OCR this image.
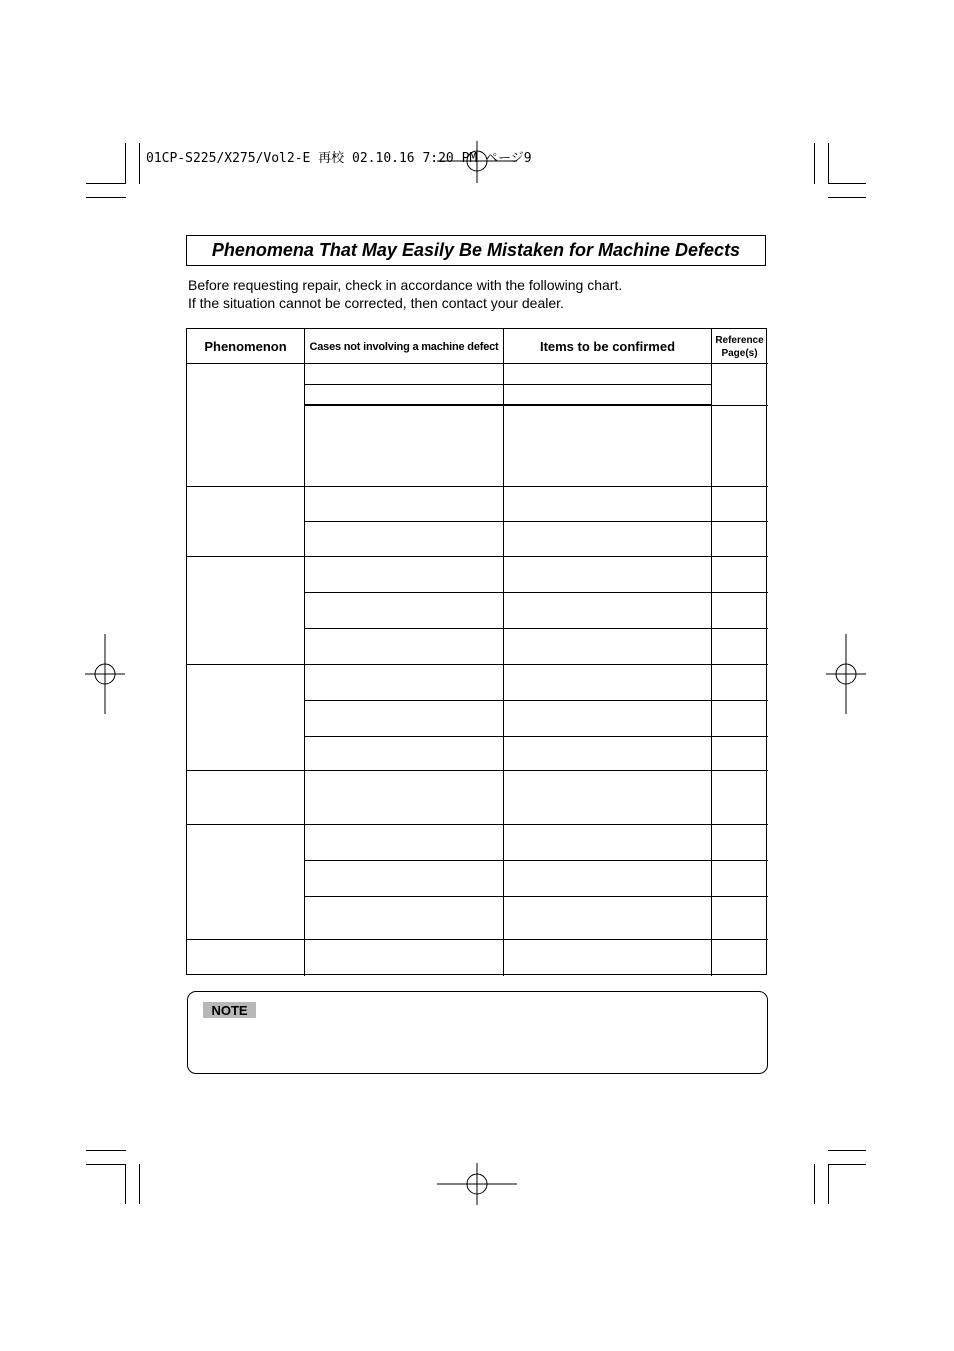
01CP-S225/X275/Vol2-E 再校 02.10.16 7:20 PM ページ9
Phenomena That May Easily Be Mistaken for Machine Defects
Before requesting repair, check in accordance with the following chart.
If the situation cannot be corrected, then contact your dealer.
Phenomenon Cases not involving a machine defect	Items to be confirmed	Reference
Page(s)
NOTE
